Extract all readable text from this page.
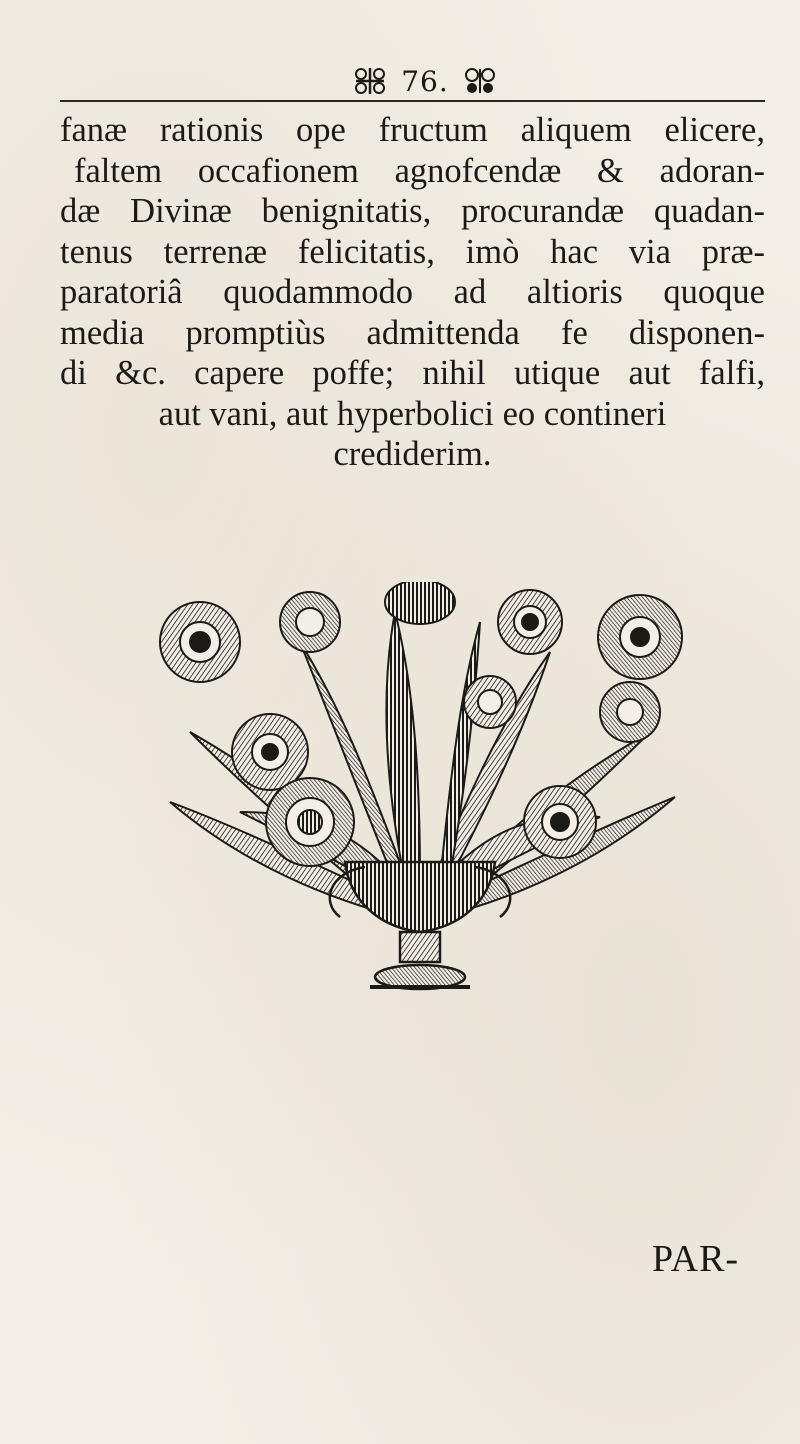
76.
fanæ rationis ope fructum aliquem elicere,
faltem occafionem agnofcendæ & adoran-
dæ Divinæ benignitatis, procurandæ quadan-
tenus terrenæ felicitatis, imò hac via præ-
paratoriâ quodammodo ad altioris quoque
media promptiùs admittenda fe disponen-
di &c. capere poffe; nihil utique aut falfi,
aut vani, aut hyperbolici eo contineri
crediderim.
PAR-
